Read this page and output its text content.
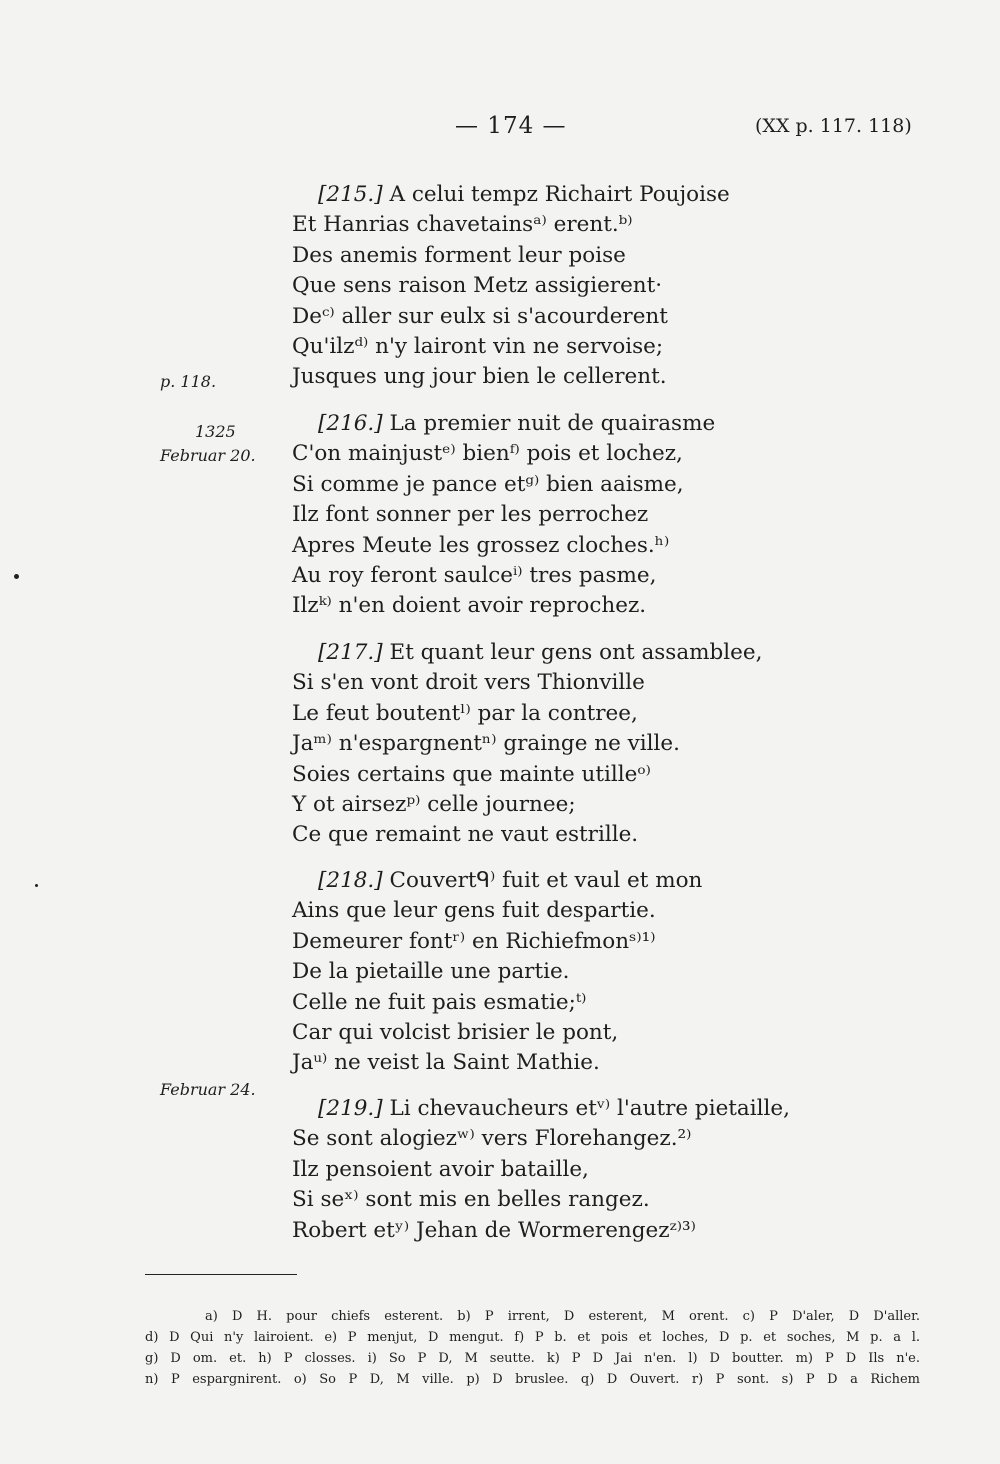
— 174 —	(XX p. 117. 118)
p. 118.
1325
Februar 20.
Februar 24.
[215.] A celui tempz Richairt Poujoise
Et Hanrias chavetainsᵃ⁾ erent.ᵇ⁾
Des anemis forment leur poise
Que sens raison Metz assigierent·
Deᶜ⁾ aller sur eulx si s'acourderent
Qu'ilzᵈ⁾ n'y lairont vin ne servoise;
Jusques ung jour bien le cellerent.
[216.] La premier nuit de quairasme
C'on mainjustᵉ⁾ bienᶠ⁾ pois et lochez,
Si comme je pance etᵍ⁾ bien aaisme,
Ilz font sonner per les perrochez
Apres Meute les grossez cloches.ʰ⁾
Au roy feront saulceⁱ⁾ tres pasme,
Ilzᵏ⁾ n'en doient avoir reprochez.
[217.] Et quant leur gens ont assamblee,
Si s'en vont droit vers Thionville
Le feut boutentˡ⁾ par la contree,
Jaᵐ⁾ n'espargnentⁿ⁾ grainge ne ville.
Soies certains que mainte utilleᵒ⁾
Y ot airsezᵖ⁾ celle journee;
Ce que remaint ne vaut estrille.
[218.] Couvertᑫ⁾ fuit et vaul et mon
Ains que leur gens fuit despartie.
Demeurer fontʳ⁾ en Richiefmonˢ⁾¹⁾
De la pietaille une partie.
Celle ne fuit pais esmatie;ᵗ⁾
Car qui volcist brisier le pont,
Jaᵘ⁾ ne veist la Saint Mathie.
[219.] Li chevaucheurs etᵛ⁾ l'autre pietaille,
Se sont alogiezʷ⁾ vers Florehangez.²⁾
Ilz pensoient avoir bataille,
Si seˣ⁾ sont mis en belles rangez.
Robert etʸ⁾ Jehan de Wormerengezᶻ⁾³⁾
a) D H. pour chiefs esterent. b) P irrent, D esterent, M orent. c) P D'aler, D D'aller.
d) D Qui n'y lairoient. e) P menjut, D mengut. f) P b. et pois et loches, D p. et soches, M p. a l.
g) D om. et. h) P closses. i) So P D, M seutte. k) P D Jai n'en. l) D boutter. m) P D Ils n'e.
n) P espargnirent. o) So P D, M ville. p) D bruslee. q) D Ouvert. r) P sont. s) P D a Richem
